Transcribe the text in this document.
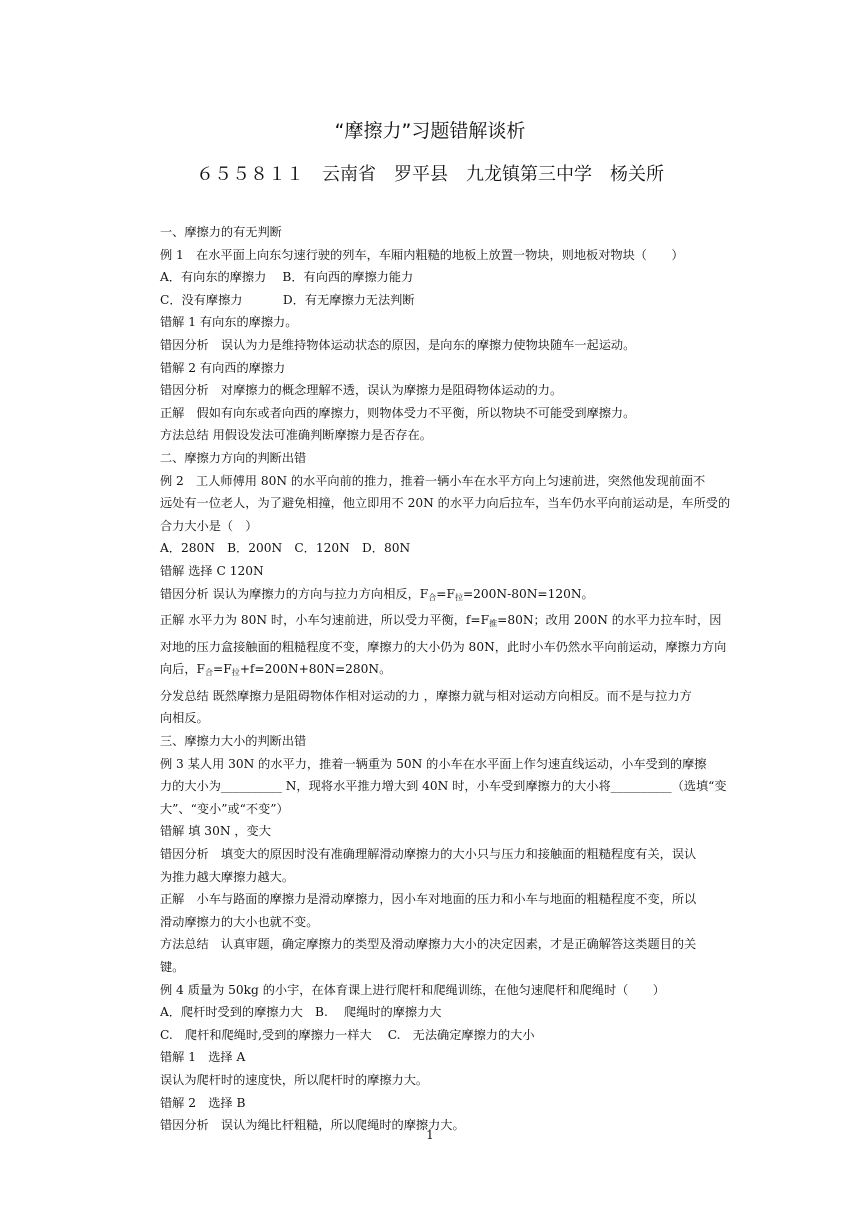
“摩擦力”习题错解谈析
６５５８１１　云南省　罗平县　九龙镇第三中学　杨关所

一、摩擦力的有无判断

例 1　在水平面上向东匀速行驶的列车，车厢内粗糙的地板上放置一物块，则地板对物块（　　）

A．有向东的摩擦力　 B．有向西的摩擦力能力

C．没有摩擦力　　　 D．有无摩擦力无法判断

错解 1 有向东的摩擦力。

错因分析　误认为力是维持物体运动状态的原因，是向东的摩擦力使物块随车一起运动。

错解 2 有向西的摩擦力

错因分析　对摩擦力的概念理解不透，误认为摩擦力是阻碍物体运动的力。

正解　假如有向东或者向西的摩擦力，则物体受力不平衡，所以物块不可能受到摩擦力。

方法总结 用假设发法可准确判断摩擦力是否存在。

二、摩擦力方向的判断出错

例 2　工人师傅用 80N 的水平向前的推力，推着一辆小车在水平方向上匀速前进，突然他发现前面不

远处有一位老人，为了避免相撞，他立即用不 20N 的水平力向后拉车，当车仍水平向前运动是，车所受的

合力大小是（　）

A．280N　B．200N　C．120N　D．80N

错解 选择 C 120N

错因分析 误认为摩擦力的方向与拉力方向相反，$F_合=F_拉=200N-80N=120N$。

正解 水平力为 80N 时，小车匀速前进，所以受力平衡，$f=F_推=80N$；改用 200N 的水平力拉车时，因

对地的压力盒接触面的粗糙程度不变，摩擦力的大小仍为 80N，此时小车仍然水平向前运动，摩擦力方向

向后，$F_合=F_拉+f=200N+80N=280N$。

分发总结 既然摩擦力是阻碍物体作相对运动的力 ，摩擦力就与相对运动方向相反。而不是与拉力方

向相反。

三、摩擦力大小的判断出错

例 3 某人用 30N 的水平力，推着一辆重为 50N 的小车在水平面上作匀速直线运动，小车受到的摩擦

力的大小为__________ N，现将水平推力增大到 40N 时，小车受到摩擦力的大小将__________（选填“变

大”、“变小”或“不变”）

错解 填 30N ，变大

错因分析　填变大的原因时没有准确理解滑动摩擦力的大小只与压力和接触面的粗糙程度有关，误认

为推力越大摩擦力越大。

正解　小车与路面的摩擦力是滑动摩擦力，因小车对地面的压力和小车与地面的粗糙程度不变，所以

滑动摩擦力的大小也就不变。

方法总结　认真审题，确定摩擦力的类型及滑动摩擦力大小的决定因素，才是正确解答这类题目的关

键。

例 4 质量为 50kg 的小宇，在体育课上进行爬杆和爬绳训练，在他匀速爬杆和爬绳时（　　）

A．爬杆时受到的摩擦力大　B.　 爬绳时的摩擦力大

C.　爬杆和爬绳时,受到的摩擦力一样大　 C.　无法确定摩擦力的大小

错解 1　选择 A

误认为爬杆时的速度快，所以爬杆时的摩擦力大。

错解 2　选择 B

错因分析　误认为绳比杆粗糙，所以爬绳时的摩擦力大。

1
